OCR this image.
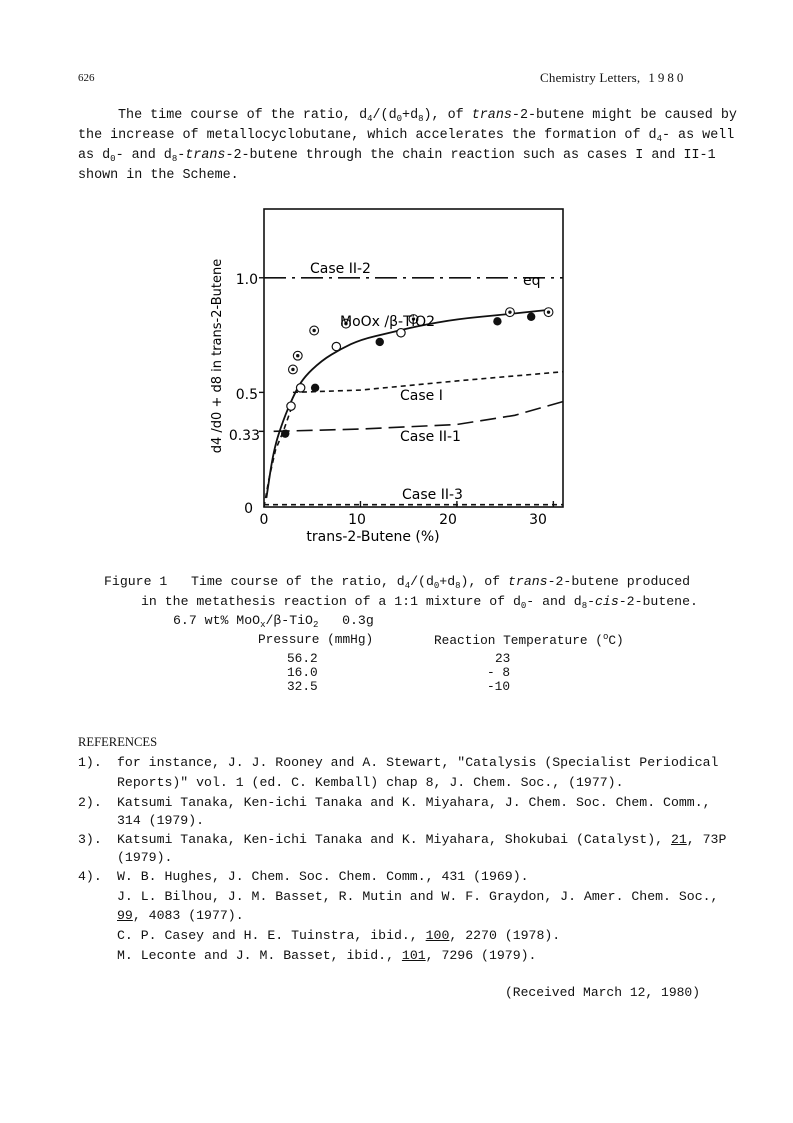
626	Chemistry Letters, 1980
The time course of the ratio, $d_4/(d_0+d_8)$, of trans-2-butene might be caused by
the increase of metallocyclobutane, which accelerates the formation of $d_4-$ as well
as $d_0-$ and $d_8-trans-2$-butene through the chain reaction such as cases I and II-1
shown in the Scheme.
d4 /d0 + d8 in trans-2-Butene
trans-2-Butene (%)
1.0
0.5
0.33
0
0	10	20	30
Case II-2
eq
MoOx /β-TiO2
Case I
Case II-1
Case II-3
Figure 1   Time course of the ratio, $d_4/(d_0+d_8)$, of trans-2-butene produced
in the metathesis reaction of a 1:1 mixture of $d_0-$ and $d_8-cis-2$-butene.
6.7 wt% MoO$_x$/β-TiO$_2$   0.3g
Pressure (mmHg)	Reaction Temperature ($^o$C)
56.2	23
16.0	- 8
32.5	-10
REFERENCES
1). for instance, J. J. Rooney and A. Stewart, "Catalysis (Specialist Periodical
Reports)" vol. 1 (ed. C. Kemball) chap 8, J. Chem. Soc., (1977).
2). Katsumi Tanaka, Ken-ichi Tanaka and K. Miyahara, J. Chem. Soc. Chem. Comm.,
314 (1979).
3). Katsumi Tanaka, Ken-ichi Tanaka and K. Miyahara, Shokubai (Catalyst), 21, 73P
(1979).
4). W. B. Hughes, J. Chem. Soc. Chem. Comm., 431 (1969).
J. L. Bilhou, J. M. Basset, R. Mutin and W. F. Graydon, J. Amer. Chem. Soc.,
99, 4083 (1977).
C. P. Casey and H. E. Tuinstra, ibid., 100, 2270 (1978).
M. Leconte and J. M. Basset, ibid., 101, 7296 (1979).
(Received March 12, 1980)
